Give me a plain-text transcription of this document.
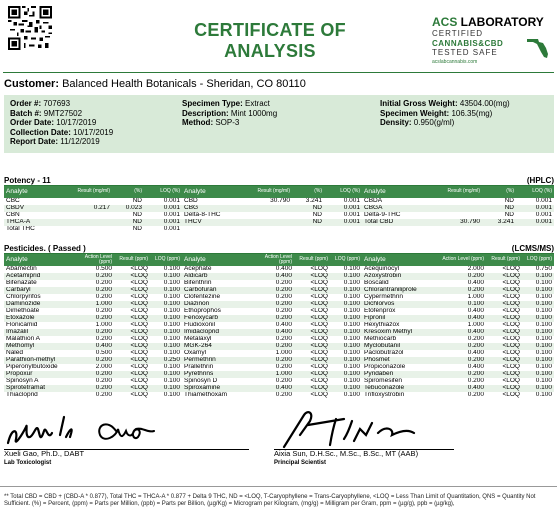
CERTIFICATE OF ANALYSIS
ACS LABORATORY
CERTIFIED
CANNABIS&CBD
TESTED SAFE
acslabcannabis.com
Customer: Balanced Health Botanicals - Sheridan, CO 80110
Order #: 707693
Batch #: 9MT27502
Order Date: 10/17/2019
Collection Date: 10/17/2019
Report Date: 11/12/2019
Specimen Type: Extract
Description: Mint 1000mg
Method: SOP-3
Initial Gross Weight: 43504.00(mg)
Specimen Weight: 106.35(mg)
Density: 0.950(g/ml)
Potency - 11	(HPLC)
Pesticides. ( Passed )	(LCMS/MS)
Xueli Gao, Ph.D., DABT
Lab Toxicologist
Aixia Sun, D.H.Sc., M.Sc., B.Sc., MT (AAB)
Principal Scientist
** Total CBD = CBD + (CBD-A * 0.877), Total THC = THCA-A * 0.877 + Delta 9 THC, ND = <LOQ, T-Caryophyllene = Trans-Caryophyllene, <LOQ = Less Than Limit of Quantitation, QNS = Quantity Not Sufficient. (%) = Percent, (ppm) = Parts per Million, (ppb) = Parts per Billion, (µg/Kg) = Microgram per Kilogram, (mg/g) = Milligram per Gram, ppm = (µg/g), ppb = (µg/kg),
Analyte	Result (mg/ml)	(%)	LOQ (%)
CBC		ND	0.001
CBDV	0.217	0.023	0.001
CBN		ND	0.001
THCA-A		ND	0.001
Total THC		ND	0.001
Analyte	Result (mg/ml)	(%)	LOQ (%)
CBD	30.790	3.241	0.001
CBG		ND	0.001
Delta-8-THC		ND	0.001
THCV		ND	0.001
Analyte	Result (mg/ml)	(%)	LOQ (%)
CBDA		ND	0.001
CBGA		ND	0.001
Delta-9-THC		ND	0.001
Total CBD	30.790	3.241	0.001
Analyte	Action Level (ppm)	Result (ppm)	LOQ (ppm)
Abamectin	0.500	<LOQ	0.100
Acetamiprid	0.200	<LOQ	0.100
Bifenazate	0.200	<LOQ	0.100
Carbaryl	0.200	<LOQ	0.100
Chlorpyrifos	0.200	<LOQ	0.100
Daminozide	1.000	<LOQ	0.100
Dimethoate	0.200	<LOQ	0.100
Etoxazole	0.200	<LOQ	0.100
Flonicamid	1.000	<LOQ	0.100
Imazalil	0.200	<LOQ	0.100
Malathion A	0.200	<LOQ	0.100
Methomyl	0.400	<LOQ	0.100
Naled	0.500	<LOQ	0.100
Parathion-methyl	0.200	<LOQ	0.250
Piperonylbutoxide	2.000	<LOQ	0.100
Propoxur	0.200	<LOQ	0.100
Spinosyn A	0.200	<LOQ	0.100
Spirotetramat	0.200	<LOQ	0.100
Thiacloprid	0.200	<LOQ	0.100
Analyte	Action Level (ppm)	Result (ppm)	LOQ (ppm)
Acephate	0.400	<LOQ	0.100
Aldicarb	0.400	<LOQ	0.100
Bifenthrin	0.200	<LOQ	0.100
Carbofuran	0.200	<LOQ	0.100
Clofentezine	0.200	<LOQ	0.100
Diazinon	0.200	<LOQ	0.100
Ethoprophos	0.200	<LOQ	0.100
Fenoxycarb	0.200	<LOQ	0.100
Fludioxonil	0.400	<LOQ	0.100
Imidacloprid	0.400	<LOQ	0.100
Metalaxyl	0.200	<LOQ	0.100
MGK-264	0.200	<LOQ	0.100
Oxamyl	1.000	<LOQ	0.100
Permethrin	0.200	<LOQ	0.100
Prallethrin	0.200	<LOQ	0.100
Pyrethrins	1.000	<LOQ	0.100
Spinosyn D	0.200	<LOQ	0.100
Spiroxamine	0.400	<LOQ	0.100
Thiamethoxam	0.200	<LOQ	0.100
Analyte	Action Level (ppm)	Result (ppm)	LOQ (ppm)
Acequinocyl	2.000	<LOQ	0.750
Azoxystrobin	0.200	<LOQ	0.100
Boscalid	0.400	<LOQ	0.100
Chlorantraniliprole	0.200	<LOQ	0.100
Cypermethrin	1.000	<LOQ	0.100
Dichlorvos	0.100	<LOQ	0.100
Etofenprox	0.400	<LOQ	0.100
Fipronil	0.400	<LOQ	0.100
Hexythiazox	1.000	<LOQ	0.100
Kresoxim Methyl	0.400	<LOQ	0.100
Methiocarb	0.200	<LOQ	0.100
Myclobutanil	0.200	<LOQ	0.100
Paclobutrazol	0.400	<LOQ	0.100
Phosmet	0.200	<LOQ	0.100
Propiconazole	0.400	<LOQ	0.100
Pyridaben	0.200	<LOQ	0.100
Spiromesifen	0.200	<LOQ	0.100
Tebuconazole	0.400	<LOQ	0.100
Trifloxystrobin	0.200	<LOQ	0.100
